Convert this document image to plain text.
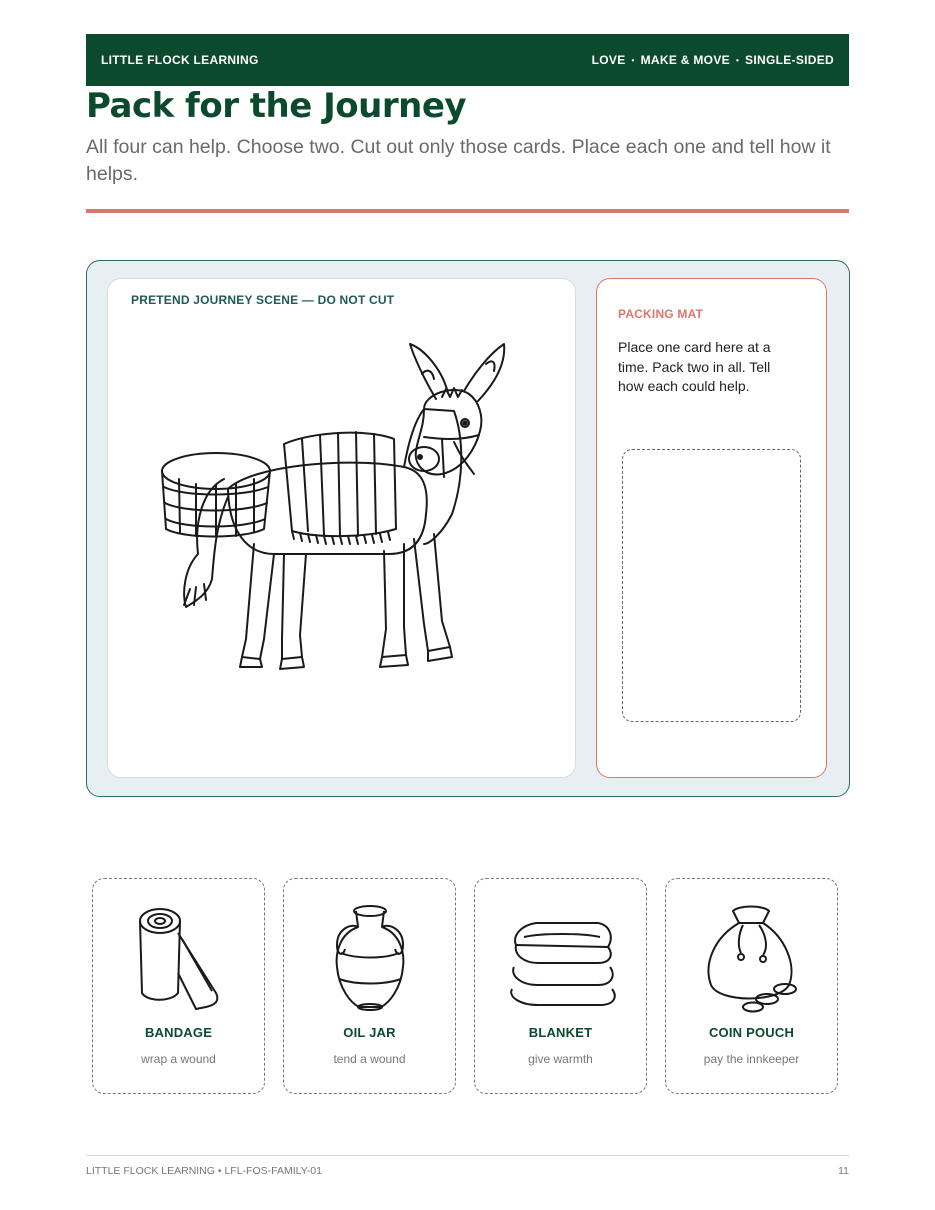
LITTLE FLOCK LEARNING	LOVE • MAKE & MOVE • SINGLE-SIDED
Pack for the Journey

All four can help. Choose two. Cut out only those cards. Place each one and tell how it helps.

PRETEND JOURNEY SCENE — DO NOT CUT
PACKING MAT
Place one card here at a time. Pack two in all. Tell how each could help.
BANDAGE
wrap a wound
OIL JAR
tend a wound
BLANKET
give warmth
COIN POUCH
pay the innkeeper
LITTLE FLOCK LEARNING • LFL-FOS-FAMILY-01	11
